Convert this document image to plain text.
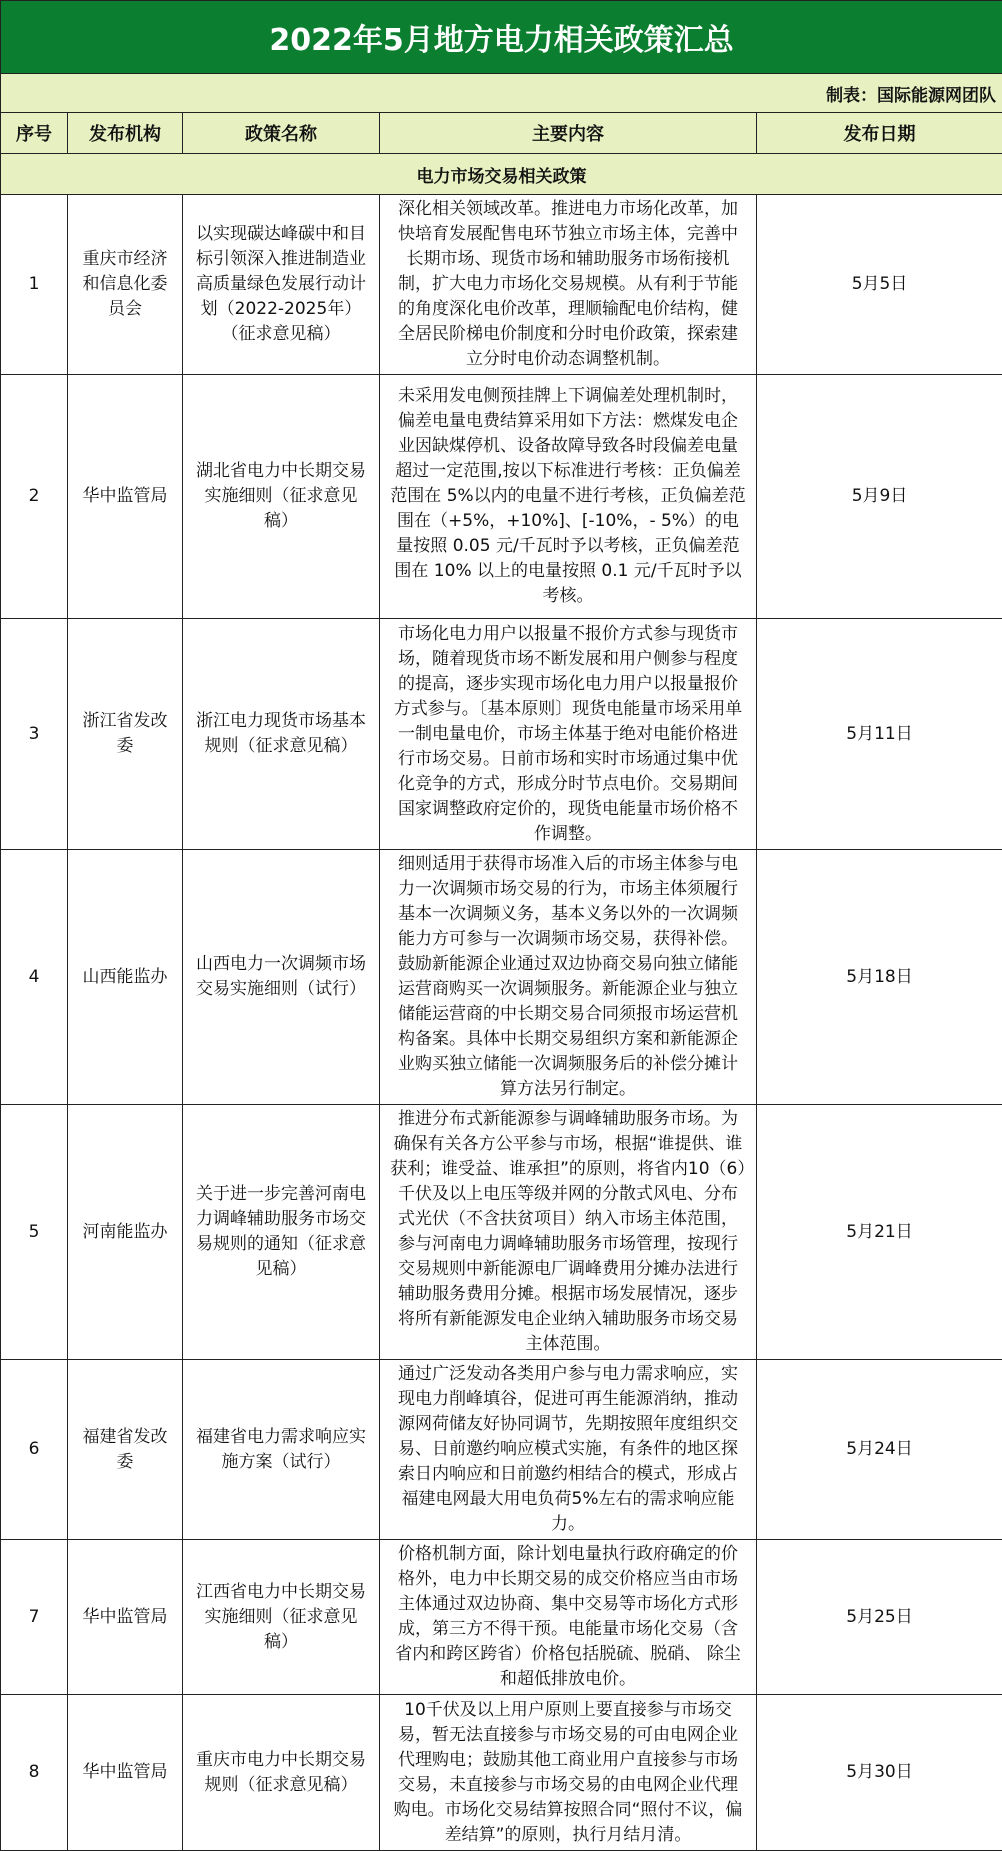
2022年5月地方电力相关政策汇总				
制表：国际能源网团队				
序号	发布机构	政策名称	主要内容	发布日期
电力市场交易相关政策				
1	重庆市经济和信息化委员会	以实现碳达峰碳中和目标引领深入推进制造业高质量绿色发展行动计划（2022-2025年）（征求意见稿）	深化相关领域改革。推进电力市场化改革，加快培育发展配售电环节独立市场主体，完善中长期市场、现货市场和辅助服务市场衔接机制，扩大电力市场化交易规模。从有利于节能的角度深化电价改革，理顺输配电价结构，健全居民阶梯电价制度和分时电价政策，探索建立分时电价动态调整机制。	5月5日
2	华中监管局	湖北省电力中长期交易实施细则（征求意见稿）	未采用发电侧预挂牌上下调偏差处理机制时，偏差电量电费结算采用如下方法：燃煤发电企业因缺煤停机、设备故障导致各时段偏差电量超过一定范围,按以下标准进行考核：正负偏差范围在 5%以内的电量不进行考核，正负偏差范围在（+5%，+10%]、[-10%，- 5%）的电量按照 0.05 元/千瓦时予以考核，正负偏差范围在 10% 以上的电量按照 0.1 元/千瓦时予以考核。	5月9日
3	浙江省发改委	浙江电力现货市场基本规则（征求意见稿）	市场化电力用户以报量不报价方式参与现货市场，随着现货市场不断发展和用户侧参与程度的提高，逐步实现市场化电力用户以报量报价方式参与。〔基本原则〕现货电能量市场采用单一制电量电价，市场主体基于绝对电能价格进行市场交易。日前市场和实时市场通过集中优化竞争的方式，形成分时节点电价。交易期间国家调整政府定价的，现货电能量市场价格不作调整。	5月11日
4	山西能监办	山西电力一次调频市场交易实施细则（试行）	细则适用于获得市场准入后的市场主体参与电力一次调频市场交易的行为，市场主体须履行基本一次调频义务，基本义务以外的一次调频能力方可参与一次调频市场交易，获得补偿。鼓励新能源企业通过双边协商交易向独立储能运营商购买一次调频服务。新能源企业与独立储能运营商的中长期交易合同须报市场运营机构备案。具体中长期交易组织方案和新能源企业购买独立储能一次调频服务后的补偿分摊计算方法另行制定。	5月18日
5	河南能监办	关于进一步完善河南电力调峰辅助服务市场交易规则的通知（征求意见稿）	推进分布式新能源参与调峰辅助服务市场。为确保有关各方公平参与市场，根据“谁提供、谁获利；谁受益、谁承担”的原则，将省内10（6）千伏及以上电压等级并网的分散式风电、分布式光伏（不含扶贫项目）纳入市场主体范围，参与河南电力调峰辅助服务市场管理，按现行交易规则中新能源电厂调峰费用分摊办法进行辅助服务费用分摊。根据市场发展情况，逐步将所有新能源发电企业纳入辅助服务市场交易主体范围。	5月21日
6	福建省发改委	福建省电力需求响应实施方案（试行）	通过广泛发动各类用户参与电力需求响应，实现电力削峰填谷，促进可再生能源消纳，推动源网荷储友好协同调节，先期按照年度组织交易、日前邀约响应模式实施，有条件的地区探索日内响应和日前邀约相结合的模式，形成占福建电网最大用电负荷5%左右的需求响应能力。	5月24日
7	华中监管局	江西省电力中长期交易实施细则（征求意见稿）	价格机制方面，除计划电量执行政府确定的价格外，电力中长期交易的成交价格应当由市场主体通过双边协商、集中交易等市场化方式形成，第三方不得干预。电能量市场化交易（含省内和跨区跨省）价格包括脱硫、脱硝、 除尘和超低排放电价。	5月25日
8	华中监管局	重庆市电力中长期交易规则（征求意见稿）	10千伏及以上用户原则上要直接参与市场交易，暂无法直接参与市场交易的可由电网企业代理购电；鼓励其他工商业用户直接参与市场交易，未直接参与市场交易的由电网企业代理购电。市场化交易结算按照合同“照付不议，偏差结算”的原则，执行月结月清。	5月30日
